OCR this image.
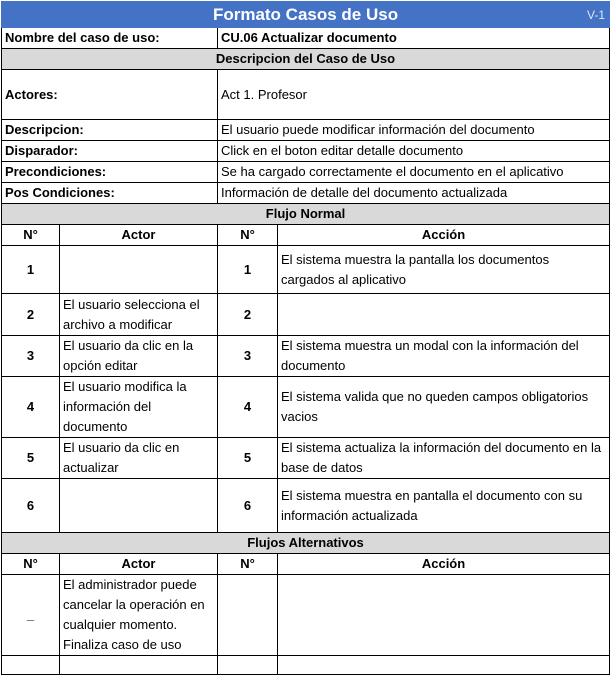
Formato Casos de Uso V-1			

Nombre del caso de uso:		CU.06 Actualizar documento	
Descripcion del Caso de Uso			
Actores:		Act 1. Profesor	
Descripcion:		El usuario puede modificar información del documento	
Disparador:		Click en el boton editar detalle documento	
Precondiciones:		Se ha cargado correctamente el documento en el aplicativo	
Pos Condiciones:		Información de detalle del documento actualizada	
Flujo Normal			
N°	Actor	N°	Acción
1		1	El sistema muestra la pantalla los documentos cargados al aplicativo
2	El usuario selecciona el archivo a modificar	2	
3	El usuario da clic en la opción editar	3	El sistema muestra un modal con la información del documento
4	El usuario modifica la información del documento	4	El sistema valida que no queden campos obligatorios vacios
5	El usuario da clic en actualizar	5	El sistema actualiza la información del documento en la base de datos
6		6	El sistema muestra en pantalla el documento con su información actualizada
Flujos Alternativos			
N°	Actor	N°	Acción
_	El administrador puede cancelar la operación en cualquier momento. Finaliza caso de uso		
